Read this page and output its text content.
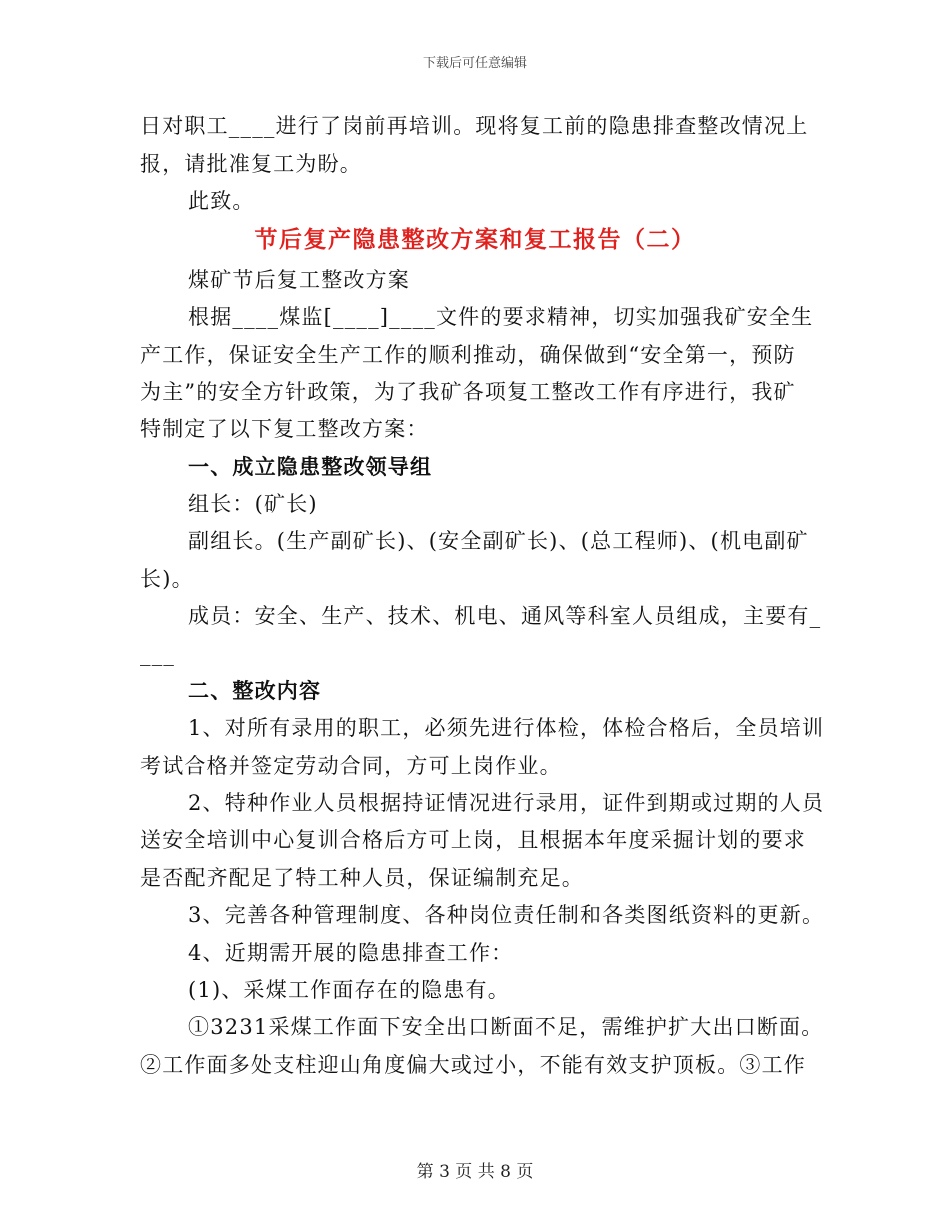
下载后可任意编辑
日对职工____进行了岗前再培训。现将复工前的隐患排查整改情况上
报，请批准复工为盼。
此致。
节后复产隐患整改方案和复工报告（二）
煤矿节后复工整改方案
根据____煤监[____]____文件的要求精神，切实加强我矿安全生
产工作，保证安全生产工作的顺利推动，确保做到“安全第一，预防
为主”的安全方针政策，为了我矿各项复工整改工作有序进行，我矿
特制定了以下复工整改方案：
一、成立隐患整改领导组
组长：(矿长)
副组长。(生产副矿长)、(安全副矿长)、(总工程师)、(机电副矿
长)。
成员：安全、生产、技术、机电、通风等科室人员组成，主要有_
___
二、整改内容
1、对所有录用的职工，必须先进行体检，体检合格后，全员培训
考试合格并签定劳动合同，方可上岗作业。
2、特种作业人员根据持证情况进行录用，证件到期或过期的人员
送安全培训中心复训合格后方可上岗，且根据本年度采掘计划的要求
是否配齐配足了特工种人员，保证编制充足。
3、完善各种管理制度、各种岗位责任制和各类图纸资料的更新。
4、近期需开展的隐患排查工作：
(1)、采煤工作面存在的隐患有。
①3231采煤工作面下安全出口断面不足，需维护扩大出口断面。
②工作面多处支柱迎山角度偏大或过小，不能有效支护顶板。③工作
第 3 页 共 8 页
